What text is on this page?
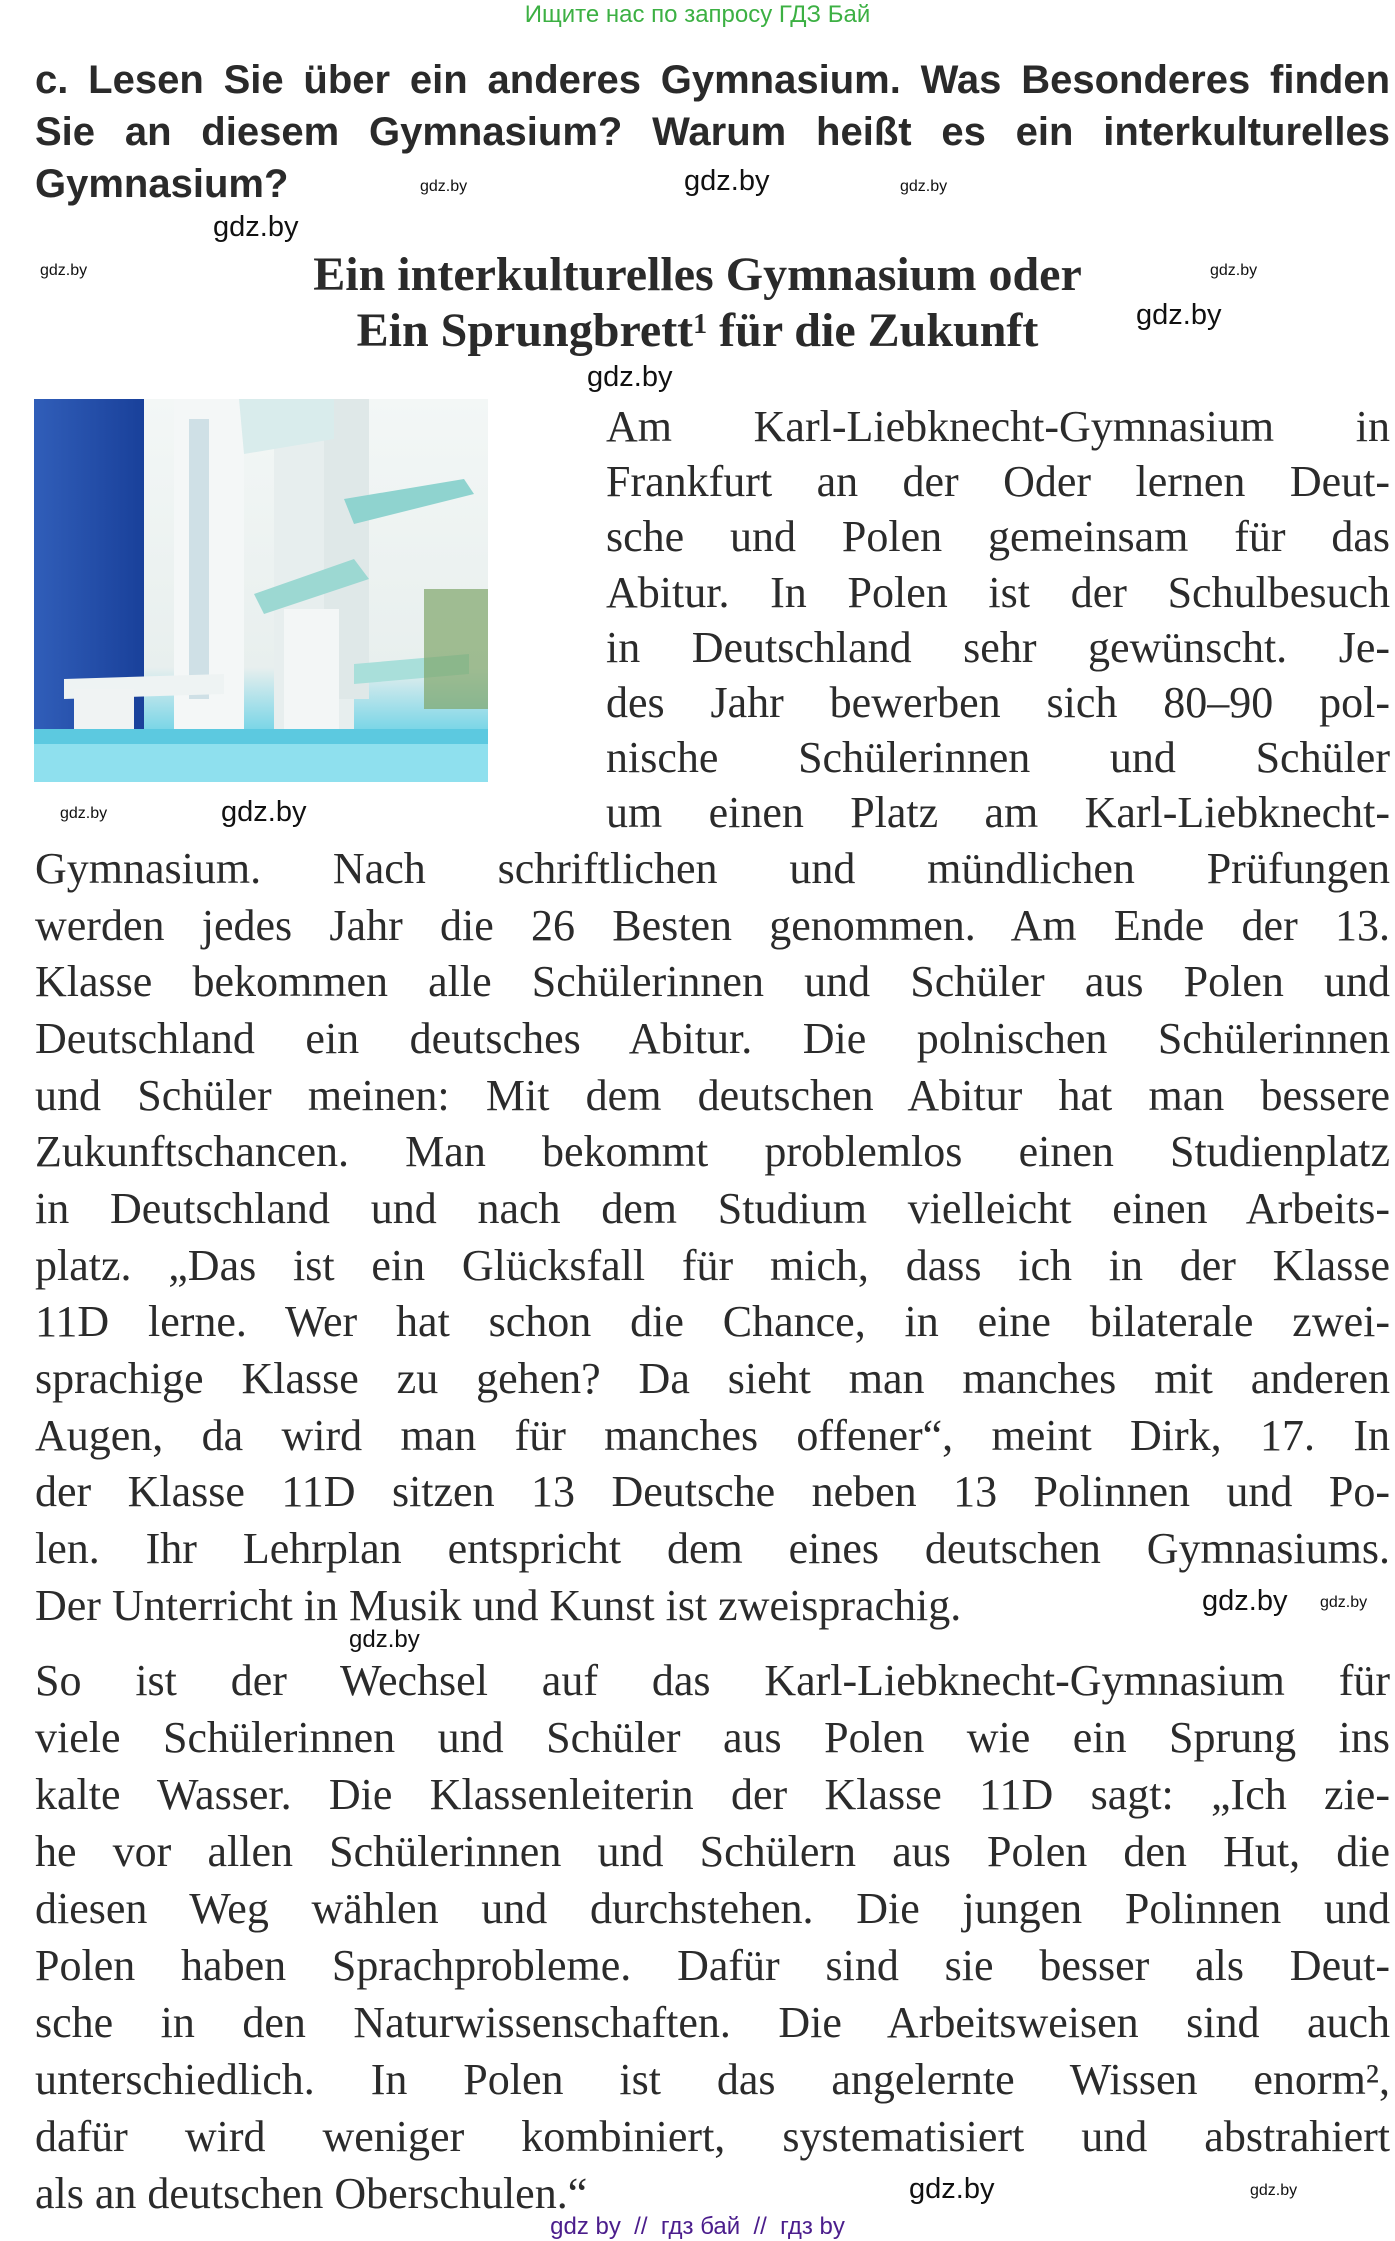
Ищите нас по запросу ГДЗ Бай
c. Lesen Sie über ein anderes Gymnasium. Was Besonderes finden
Sie an diesem Gymnasium? Warum heißt es ein interkulturelles
Gymnasium?
Ein interkulturelles Gymnasium oder
Ein Sprungbrett$^1$ für die Zukunft
Am Karl-Liebknecht-Gymnasium in
Frankfurt an der Oder lernen Deut-
sche und Polen gemeinsam für das
Abitur. In Polen ist der Schulbesuch
in Deutschland sehr gewünscht. Je-
des Jahr bewerben sich 80–90 pol-
nische Schülerinnen und Schüler
um einen Platz am Karl-Liebknecht-
Gymnasium. Nach schriftlichen und mündlichen Prüfungen
werden jedes Jahr die 26 Besten genommen. Am Ende der 13.
Klasse bekommen alle Schülerinnen und Schüler aus Polen und
Deutschland ein deutsches Abitur. Die polnischen Schülerinnen
und Schüler meinen: Mit dem deutschen Abitur hat man bessere
Zukunftschancen. Man bekommt problemlos einen Studienplatz
in Deutschland und nach dem Studium vielleicht einen Arbeits-
platz. „Das ist ein Glücksfall für mich, dass ich in der Klasse
11D lerne. Wer hat schon die Chance, in eine bilaterale zwei-
sprachige Klasse zu gehen? Da sieht man manches mit anderen
Augen, da wird man für manches offener“, meint Dirk, 17. In
der Klasse 11D sitzen 13 Deutsche neben 13 Polinnen und Po-
len. Ihr Lehrplan entspricht dem eines deutschen Gymnasiums.
Der Unterricht in Musik und Kunst ist zweisprachig.
So ist der Wechsel auf das Karl-Liebknecht-Gymnasium für
viele Schülerinnen und Schüler aus Polen wie ein Sprung ins
kalte Wasser. Die Klassenleiterin der Klasse 11D sagt: „Ich zie-
he vor allen Schülerinnen und Schülern aus Polen den Hut, die
diesen Weg wählen und durchstehen. Die jungen Polinnen und
Polen haben Sprachprobleme. Dafür sind sie besser als Deut-
sche in den Naturwissenschaften. Die Arbeitsweisen sind auch
unterschiedlich. In Polen ist das angelernte Wissen enorm²,
dafür wird weniger kombiniert, systematisiert und abstrahiert
als an deutschen Oberschulen.“
gdz.by
gdz.by
gdz.by
gdz.by
gdz.by
gdz.by
gdz.by
gdz.by	gdz.by
gdz.by
gdz.by
gdz.by
gdz.by
gdz.by
gdz.by
gdz by  //  гдз бай  //  гдз by
